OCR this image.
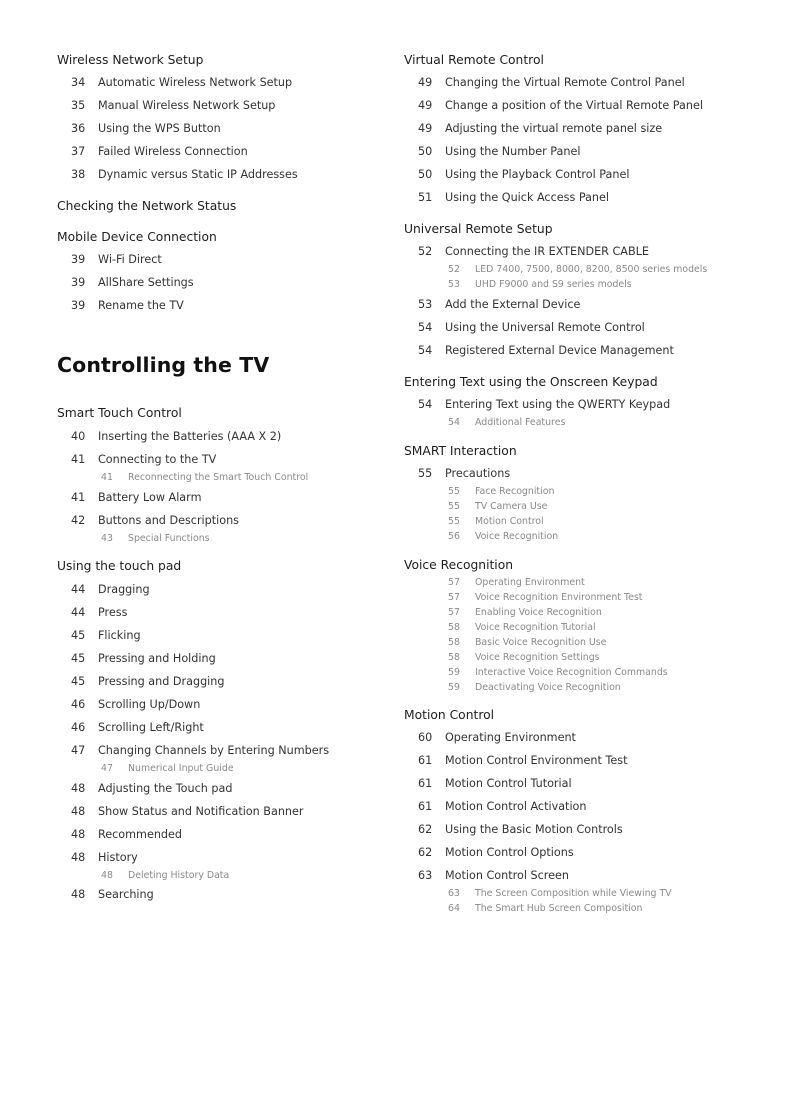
Wireless Network Setup
34 Automatic Wireless Network Setup
35 Manual Wireless Network Setup
36 Using the WPS Button
37 Failed Wireless Connection
38 Dynamic versus Static IP Addresses
Checking the Network Status
Mobile Device Connection
39 Wi-Fi Direct
39 AllShare Settings
39 Rename the TV
Controlling the TV
Smart Touch Control
40 Inserting the Batteries (AAA X 2)
41 Connecting to the TV
41 Reconnecting the Smart Touch Control
41 Battery Low Alarm
42 Buttons and Descriptions
43 Special Functions
Using the touch pad
44 Dragging
44 Press
45 Flicking
45 Pressing and Holding
45 Pressing and Dragging
46 Scrolling Up/Down
46 Scrolling Left/Right
47 Changing Channels by Entering Numbers
47 Numerical Input Guide
48 Adjusting the Touch pad
48 Show Status and Notification Banner
48 Recommended
48 History
48 Deleting History Data
48 Searching
Virtual Remote Control
49 Changing the Virtual Remote Control Panel
49 Change a position of the Virtual Remote Panel
49 Adjusting the virtual remote panel size
50 Using the Number Panel
50 Using the Playback Control Panel
51 Using the Quick Access Panel
Universal Remote Setup
52 Connecting the IR EXTENDER CABLE
52 LED 7400, 7500, 8000, 8200, 8500 series models
53 UHD F9000 and S9 series models
53 Add the External Device
54 Using the Universal Remote Control
54 Registered External Device Management
Entering Text using the Onscreen Keypad
54 Entering Text using the QWERTY Keypad
54 Additional Features
SMART Interaction
55 Precautions
55 Face Recognition
55 TV Camera Use
55 Motion Control
56 Voice Recognition
Voice Recognition
57 Operating Environment
57 Voice Recognition Environment Test
57 Enabling Voice Recognition
58 Voice Recognition Tutorial
58 Basic Voice Recognition Use
58 Voice Recognition Settings
59 Interactive Voice Recognition Commands
59 Deactivating Voice Recognition
Motion Control
60 Operating Environment
61 Motion Control Environment Test
61 Motion Control Tutorial
61 Motion Control Activation
62 Using the Basic Motion Controls
62 Motion Control Options
63 Motion Control Screen
63 The Screen Composition while Viewing TV
64 The Smart Hub Screen Composition
